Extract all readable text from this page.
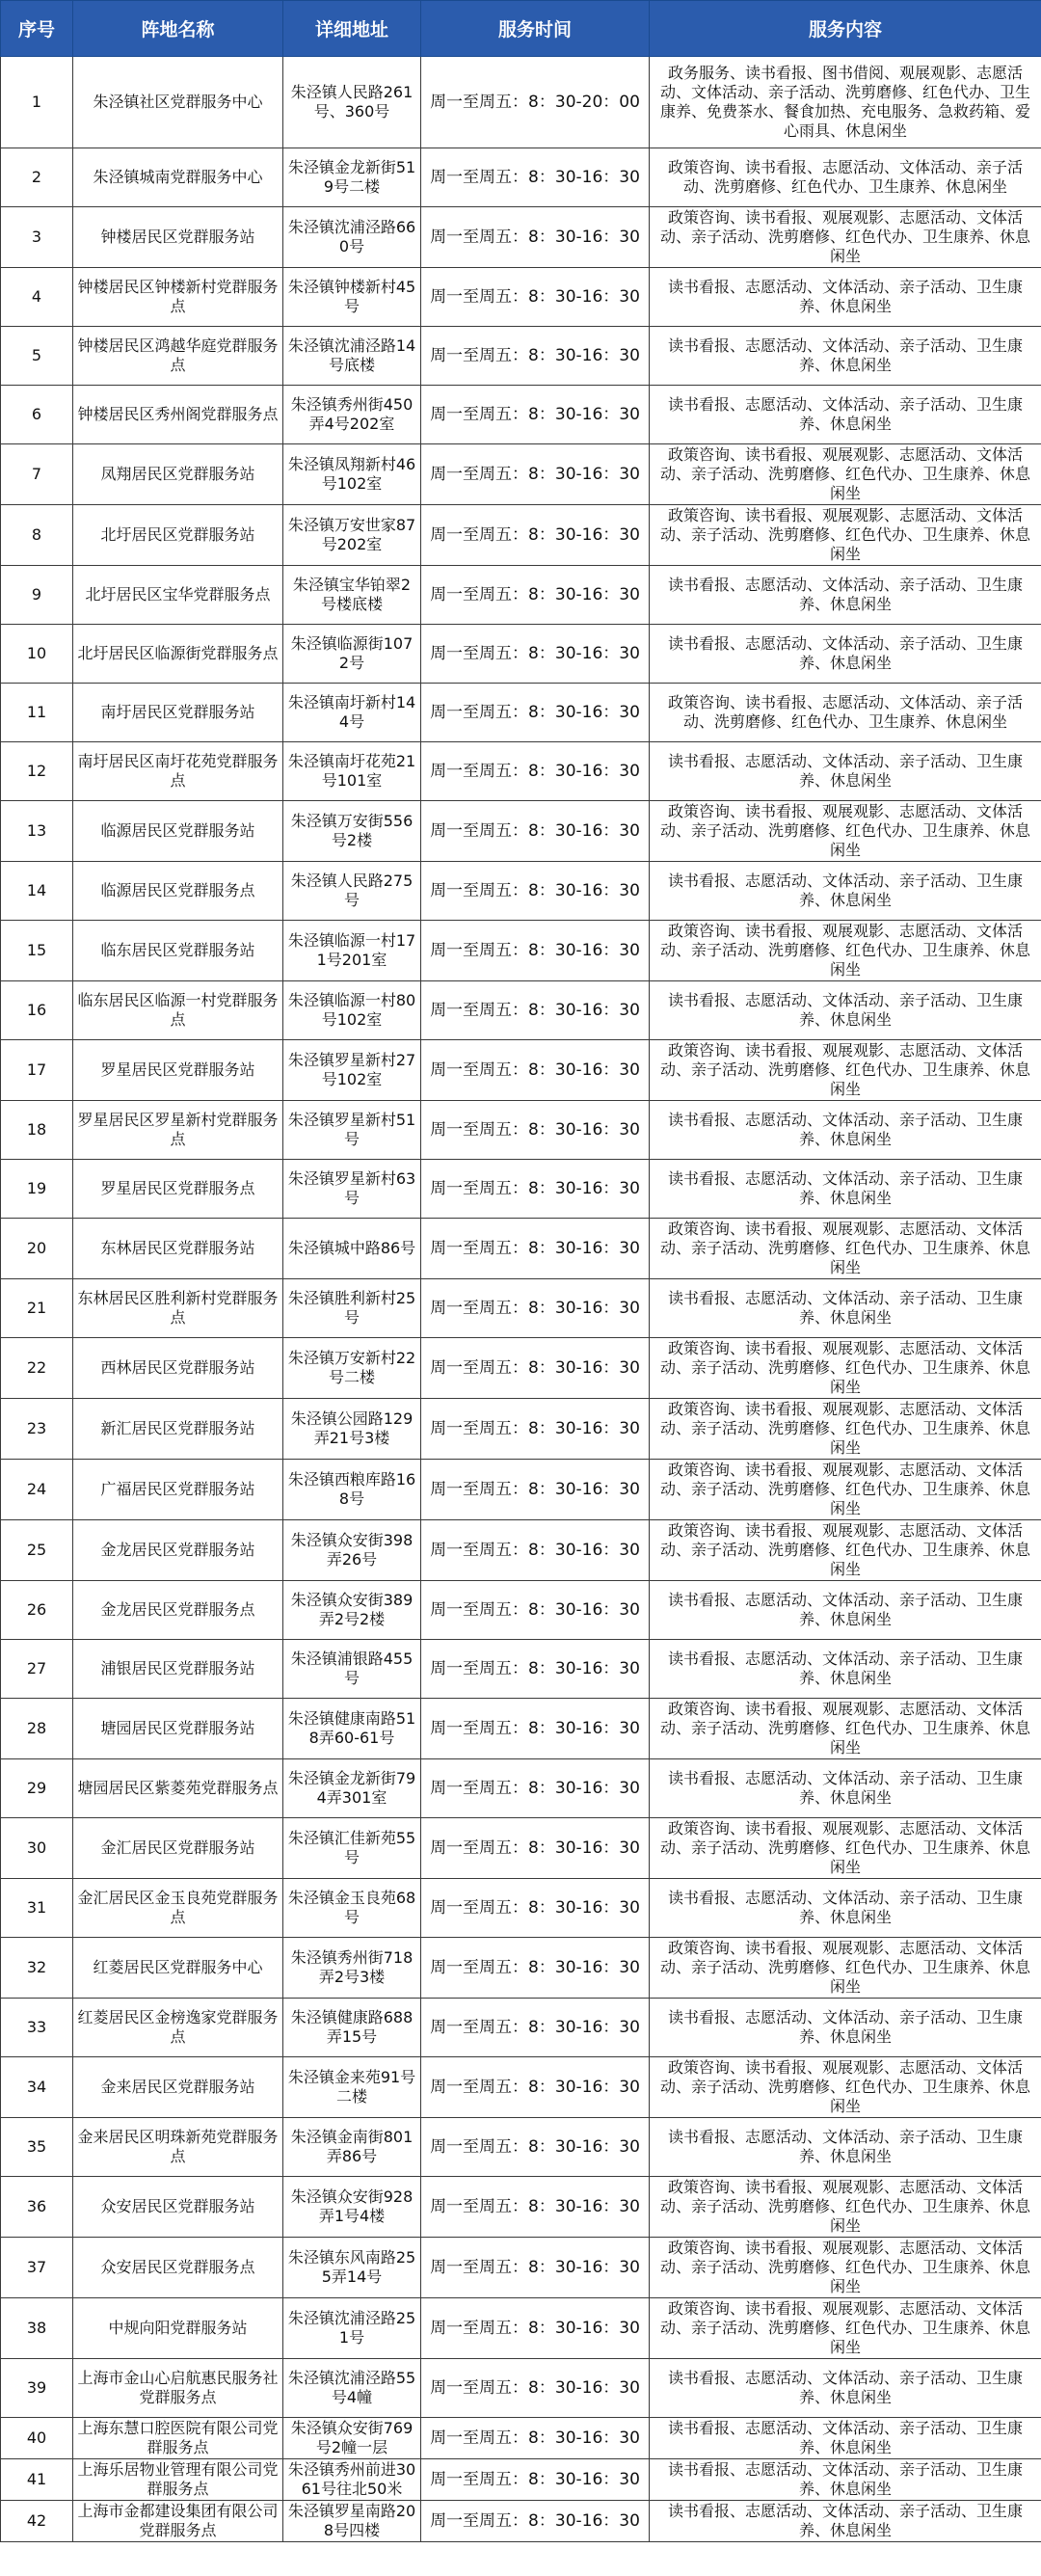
序号	阵地名称	详细地址	服务时间	服务内容
1	朱泾镇社区党群服务中心	朱泾镇人民路261号、360号	周一至周五：8：30-20：00	政务服务、读书看报、图书借阅、观展观影、志愿活动、文体活动、亲子活动、洗剪磨修、红色代办、卫生康养、免费茶水、餐食加热、充电服务、急救药箱、爱心雨具、休息闲坐
2	朱泾镇城南党群服务中心	朱泾镇金龙新街519号二楼	周一至周五：8：30-16：30	政策咨询、读书看报、志愿活动、文体活动、亲子活动、洗剪磨修、红色代办、卫生康养、休息闲坐
3	钟楼居民区党群服务站	朱泾镇沈浦泾路660号	周一至周五：8：30-16：30	政策咨询、读书看报、观展观影、志愿活动、文体活动、亲子活动、洗剪磨修、红色代办、卫生康养、休息闲坐
4	钟楼居民区钟楼新村党群服务点	朱泾镇钟楼新村45号	周一至周五：8：30-16：30	读书看报、志愿活动、文体活动、亲子活动、卫生康养、休息闲坐
5	钟楼居民区鸿越华庭党群服务点	朱泾镇沈浦泾路14号底楼	周一至周五：8：30-16：30	读书看报、志愿活动、文体活动、亲子活动、卫生康养、休息闲坐
6	钟楼居民区秀州阁党群服务点	朱泾镇秀州街450弄4号202室	周一至周五：8：30-16：30	读书看报、志愿活动、文体活动、亲子活动、卫生康养、休息闲坐
7	凤翔居民区党群服务站	朱泾镇凤翔新村46号102室	周一至周五：8：30-16：30	政策咨询、读书看报、观展观影、志愿活动、文体活动、亲子活动、洗剪磨修、红色代办、卫生康养、休息闲坐
8	北圩居民区党群服务站	朱泾镇万安世家87号202室	周一至周五：8：30-16：30	政策咨询、读书看报、观展观影、志愿活动、文体活动、亲子活动、洗剪磨修、红色代办、卫生康养、休息闲坐
9	北圩居民区宝华党群服务点	朱泾镇宝华铂翠2号楼底楼	周一至周五：8：30-16：30	读书看报、志愿活动、文体活动、亲子活动、卫生康养、休息闲坐
10	北圩居民区临源街党群服务点	朱泾镇临源街1072号	周一至周五：8：30-16：30	读书看报、志愿活动、文体活动、亲子活动、卫生康养、休息闲坐
11	南圩居民区党群服务站	朱泾镇南圩新村144号	周一至周五：8：30-16：30	政策咨询、读书看报、志愿活动、文体活动、亲子活动、洗剪磨修、红色代办、卫生康养、休息闲坐
12	南圩居民区南圩花苑党群服务点	朱泾镇南圩花苑21号101室	周一至周五：8：30-16：30	读书看报、志愿活动、文体活动、亲子活动、卫生康养、休息闲坐
13	临源居民区党群服务站	朱泾镇万安街556号2楼	周一至周五：8：30-16：30	政策咨询、读书看报、观展观影、志愿活动、文体活动、亲子活动、洗剪磨修、红色代办、卫生康养、休息闲坐
14	临源居民区党群服务点	朱泾镇人民路275号	周一至周五：8：30-16：30	读书看报、志愿活动、文体活动、亲子活动、卫生康养、休息闲坐
15	临东居民区党群服务站	朱泾镇临源一村171号201室	周一至周五：8：30-16：30	政策咨询、读书看报、观展观影、志愿活动、文体活动、亲子活动、洗剪磨修、红色代办、卫生康养、休息闲坐
16	临东居民区临源一村党群服务点	朱泾镇临源一村80号102室	周一至周五：8：30-16：30	读书看报、志愿活动、文体活动、亲子活动、卫生康养、休息闲坐
17	罗星居民区党群服务站	朱泾镇罗星新村27号102室	周一至周五：8：30-16：30	政策咨询、读书看报、观展观影、志愿活动、文体活动、亲子活动、洗剪磨修、红色代办、卫生康养、休息闲坐
18	罗星居民区罗星新村党群服务点	朱泾镇罗星新村51号	周一至周五：8：30-16：30	读书看报、志愿活动、文体活动、亲子活动、卫生康养、休息闲坐
19	罗星居民区党群服务点	朱泾镇罗星新村63号	周一至周五：8：30-16：30	读书看报、志愿活动、文体活动、亲子活动、卫生康养、休息闲坐
20	东林居民区党群服务站	朱泾镇城中路86号	周一至周五：8：30-16：30	政策咨询、读书看报、观展观影、志愿活动、文体活动、亲子活动、洗剪磨修、红色代办、卫生康养、休息闲坐
21	东林居民区胜利新村党群服务点	朱泾镇胜利新村25号	周一至周五：8：30-16：30	读书看报、志愿活动、文体活动、亲子活动、卫生康养、休息闲坐
22	西林居民区党群服务站	朱泾镇万安新村22号二楼	周一至周五：8：30-16：30	政策咨询、读书看报、观展观影、志愿活动、文体活动、亲子活动、洗剪磨修、红色代办、卫生康养、休息闲坐
23	新汇居民区党群服务站	朱泾镇公园路129弄21号3楼	周一至周五：8：30-16：30	政策咨询、读书看报、观展观影、志愿活动、文体活动、亲子活动、洗剪磨修、红色代办、卫生康养、休息闲坐
24	广福居民区党群服务站	朱泾镇西粮库路168号	周一至周五：8：30-16：30	政策咨询、读书看报、观展观影、志愿活动、文体活动、亲子活动、洗剪磨修、红色代办、卫生康养、休息闲坐
25	金龙居民区党群服务站	朱泾镇众安街398弄26号	周一至周五：8：30-16：30	政策咨询、读书看报、观展观影、志愿活动、文体活动、亲子活动、洗剪磨修、红色代办、卫生康养、休息闲坐
26	金龙居民区党群服务点	朱泾镇众安街389弄2号2楼	周一至周五：8：30-16：30	读书看报、志愿活动、文体活动、亲子活动、卫生康养、休息闲坐
27	浦银居民区党群服务站	朱泾镇浦银路455号	周一至周五：8：30-16：30	读书看报、志愿活动、文体活动、亲子活动、卫生康养、休息闲坐
28	塘园居民区党群服务站	朱泾镇健康南路518弄60-61号	周一至周五：8：30-16：30	政策咨询、读书看报、观展观影、志愿活动、文体活动、亲子活动、洗剪磨修、红色代办、卫生康养、休息闲坐
29	塘园居民区紫菱苑党群服务点	朱泾镇金龙新街794弄301室	周一至周五：8：30-16：30	读书看报、志愿活动、文体活动、亲子活动、卫生康养、休息闲坐
30	金汇居民区党群服务站	朱泾镇汇佳新苑55号	周一至周五：8：30-16：30	政策咨询、读书看报、观展观影、志愿活动、文体活动、亲子活动、洗剪磨修、红色代办、卫生康养、休息闲坐
31	金汇居民区金玉良苑党群服务点	朱泾镇金玉良苑68号	周一至周五：8：30-16：30	读书看报、志愿活动、文体活动、亲子活动、卫生康养、休息闲坐
32	红菱居民区党群服务中心	朱泾镇秀州街718弄2号3楼	周一至周五：8：30-16：30	政策咨询、读书看报、观展观影、志愿活动、文体活动、亲子活动、洗剪磨修、红色代办、卫生康养、休息闲坐
33	红菱居民区金榜逸家党群服务点	朱泾镇健康路688弄15号	周一至周五：8：30-16：30	读书看报、志愿活动、文体活动、亲子活动、卫生康养、休息闲坐
34	金来居民区党群服务站	朱泾镇金来苑91号二楼	周一至周五：8：30-16：30	政策咨询、读书看报、观展观影、志愿活动、文体活动、亲子活动、洗剪磨修、红色代办、卫生康养、休息闲坐
35	金来居民区明珠新苑党群服务点	朱泾镇金南街801弄86号	周一至周五：8：30-16：30	读书看报、志愿活动、文体活动、亲子活动、卫生康养、休息闲坐
36	众安居民区党群服务站	朱泾镇众安街928弄1号4楼	周一至周五：8：30-16：30	政策咨询、读书看报、观展观影、志愿活动、文体活动、亲子活动、洗剪磨修、红色代办、卫生康养、休息闲坐
37	众安居民区党群服务点	朱泾镇东风南路255弄14号	周一至周五：8：30-16：30	政策咨询、读书看报、观展观影、志愿活动、文体活动、亲子活动、洗剪磨修、红色代办、卫生康养、休息闲坐
38	中规向阳党群服务站	朱泾镇沈浦泾路251号	周一至周五：8：30-16：30	政策咨询、读书看报、观展观影、志愿活动、文体活动、亲子活动、洗剪磨修、红色代办、卫生康养、休息闲坐
39	上海市金山心启航惠民服务社党群服务点	朱泾镇沈浦泾路55号4幢	周一至周五：8：30-16：30	读书看报、志愿活动、文体活动、亲子活动、卫生康养、休息闲坐
40	上海东慧口腔医院有限公司党群服务点	朱泾镇众安街769号2幢一层	周一至周五：8：30-16：30	读书看报、志愿活动、文体活动、亲子活动、卫生康养、休息闲坐
41	上海乐居物业管理有限公司党群服务点	朱泾镇秀州前进3061号往北50米	周一至周五：8：30-16：30	读书看报、志愿活动、文体活动、亲子活动、卫生康养、休息闲坐
42	上海市金都建设集团有限公司党群服务点	朱泾镇罗星南路208号四楼	周一至周五：8：30-16：30	读书看报、志愿活动、文体活动、亲子活动、卫生康养、休息闲坐
